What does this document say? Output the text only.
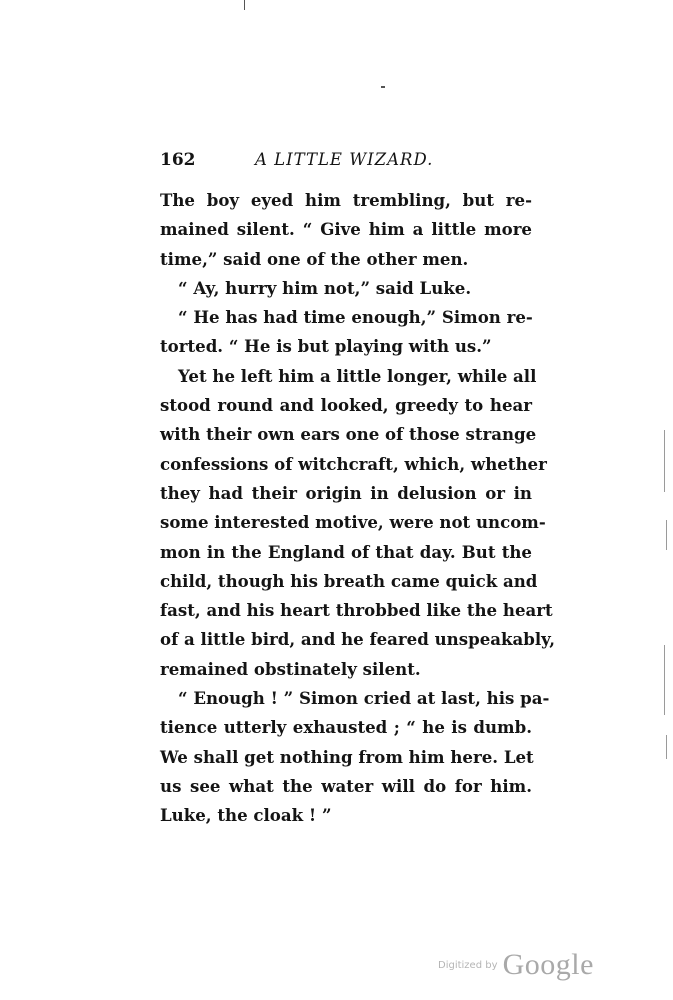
162	A LITTLE WIZARD.
The boy eyed him trembling, but re-
mained silent. “ Give him a little more
time,” said one of the other men.
“ Ay, hurry him not,” said Luke.
“ He has had time enough,” Simon re-
torted. “ He is but playing with us.”
Yet he left him a little longer, while all
stood round and looked, greedy to hear
with their own ears one of those strange
confessions of witchcraft, which, whether
they had their origin in delusion or in
some interested motive, were not uncom-
mon in the England of that day. But the
child, though his breath came quick and
fast, and his heart throbbed like the heart
of a little bird, and he feared unspeakably,
remained obstinately silent.
“ Enough ! ” Simon cried at last, his pa-
tience utterly exhausted ; “ he is dumb.
We shall get nothing from him here. Let
us see what the water will do for him.
Luke, the cloak ! ”
$^{Digitized by}$ Google
